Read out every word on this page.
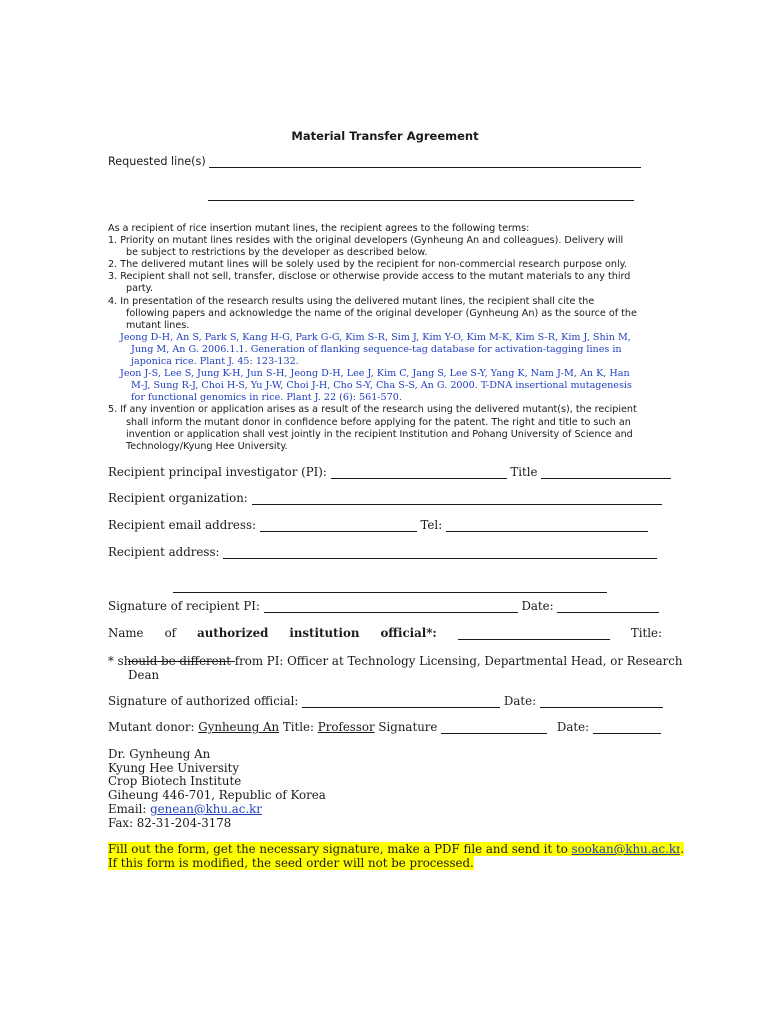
Material Transfer Agreement
Requested line(s)
As a recipient of rice insertion mutant lines, the recipient agrees to the following terms:
1. Priority on mutant lines resides with the original developers (Gynheung An and colleagues). Delivery will
be subject to restrictions by the developer as described below.
2. The delivered mutant lines will be solely used by the recipient for non-commercial research purpose only.
3. Recipient shall not sell, transfer, disclose or otherwise provide access to the mutant materials to any third
party.
4. In presentation of the research results using the delivered mutant lines, the recipient shall cite the
following papers and acknowledge the name of the original developer (Gynheung An) as the source of the
mutant lines.
Jeong D-H, An S, Park S, Kang H-G, Park G-G, Kim S-R, Sim J, Kim Y-O, Kim M-K, Kim S-R, Kim J, Shin M,
Jung M, An G. 2006.1.1. Generation of flanking sequence-tag database for activation-tagging lines in
japonica rice. Plant J. 45: 123-132.
Jeon J-S, Lee S, Jung K-H, Jun S-H, Jeong D-H, Lee J, Kim C, Jang S, Lee S-Y, Yang K, Nam J-M, An K, Han
M-J, Sung R-J, Choi H-S, Yu J-W, Choi J-H, Cho S-Y, Cha S-S, An G. 2000. T-DNA insertional mutagenesis
for functional genomics in rice. Plant J. 22 (6): 561-570.
5. If any invention or application arises as a result of the research using the delivered mutant(s), the recipient
shall inform the mutant donor in confidence before applying for the patent. The right and title to such an
invention or application shall vest jointly in the recipient Institution and Pohang University of Science and
Technology/Kyung Hee University.
Recipient principal investigator (PI):	Title
Recipient organization:
Recipient email address:	Tel:
Recipient address:
Signature of recipient PI:	Date:
Name of authorized institution official*:	Title:
* should be different from PI: Officer at Technology Licensing, Departmental Head, or Research
Dean
Signature of authorized official:	Date:
Mutant donor: Gynheung An Title: Professor Signature	Date:
Dr. Gynheung An
Kyung Hee University
Crop Biotech Institute
Giheung 446-701, Republic of Korea
Email: genean@khu.ac.kr
Fax: 82-31-204-3178
Fill out the form, get the necessary signature, make a PDF file and send it to sookan@khu.ac.kr.
If this form is modified, the seed order will not be processed.
